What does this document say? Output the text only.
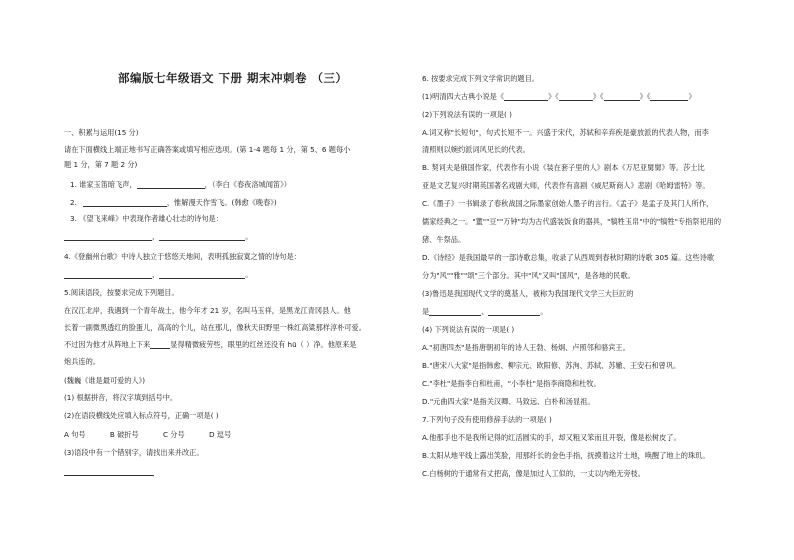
部编版七年级语文 下册 期末冲刺卷 （三）
一、积累与运用(15 分)
请在下面横线上端正地书写正确答案或填写相应选项。(第 1-4 题每 1 分，第 5、6 题每小
题 1 分，第 7 题 2 分)
1. 谁家玉笛暗飞声，	，（李白《春夜洛城闻笛》）
2.	，惟解漫天作雪飞。(韩愈《晚春》)
3. 《望飞来峰》中表现作者雄心壮志的诗句是：
，	。
4.《登幽州台歌》中诗人独立于悠悠天地间，表明孤独寂寞之情的诗句是：
，	。
5.阅读语段，按要求完成下列题目。
在汉江北岸，我遇到一个青年战士，他今年才 21 岁，名叫马玉祥，是黑龙江青冈县人。他
长着一副微黑透红的脸蛋儿，高高的个儿，站在那儿，像秋天田野里一株红高粱那样淳朴可爱。
不过因为他才从阵地上下来	显得精微疲劳些，眼里的红丝还没有 hū（ ）净。他原来是
炮兵连的。
(魏巍《谁是最可爱的人》)
(1) 根据拼音，将汉字填到括号中。
(2)在语段横线处应填入标点符号，正确一项是( )
A 句号	B 破折号	C 分号	D 逗号
(3)语段中有一个错别字，请找出来并改正。
6. 按要求完成下列文学常识的题目。
(1)明清四大古典小说是《	》《	》《	》《	》
(2)下列说法有误的一项是( )
A.词又称"长短句"，句式长短不一。兴盛于宋代，苏轼和辛弃疾是豪放派的代表人物，而李
清照则以婉约派词风见长的代表。
B. 契诃夫是俄国作家，代表作有小说《装在套子里的人》剧本《万尼亚舅舅》等。莎士比
亚是文艺复兴时期英国著名戏剧大师，代表作有喜剧《威尼斯商人》悲剧《哈姆雷特》等。
C.《墨子》一书辑录了春秋战国之际墨家创始人墨子的言行。《孟子》是孟子及其门人所作，
儒家经典之一。"簠""豆""万钟"均为古代盛装饭食的器具，"犒牲玉帛"中的"犒牲"专指祭祀用的
猪、牛祭品。
D.《诗经》是我国最早的一部诗歌总集，收录了从西周到春秋时期的诗歌 305 篇。这些诗歌
分为"风""雅""颂"三个部分。其中"风"又叫"国风"，是各地的民歌。
(3)鲁迅是我国现代文学的奠基人，被称为我国现代文学三大巨匠的
是	、	。
(4) 下列说法有误的一项是( )
A."初唐四杰"是指唐朝初年的诗人王勃、杨炯、卢照邻和骆宾王。
B."唐宋八大家"是指韩愈、柳宗元、欧阳修、苏洵、苏轼、苏辙、王安石和曾巩。
C."李杜"是指李白和杜甫，"小李杜"是指李商隐和杜牧。
D."元曲四大家"是指关汉卿、马致远、白朴和汤显祖。
7.下列句子没有使用修辞手法的一项是( )
A.他那手也不是我所记得的红活圆实的手，却又粗又笨而且开裂，像是松树皮了。
B.太阳从地平线上露出笑脸，用那纤长的金色手指，抚摸着这片土地，唤醒了地上的珠玑。
C.白杨树的干通常有丈把高，像是加过人工似的，一丈以内绝无旁枝。
